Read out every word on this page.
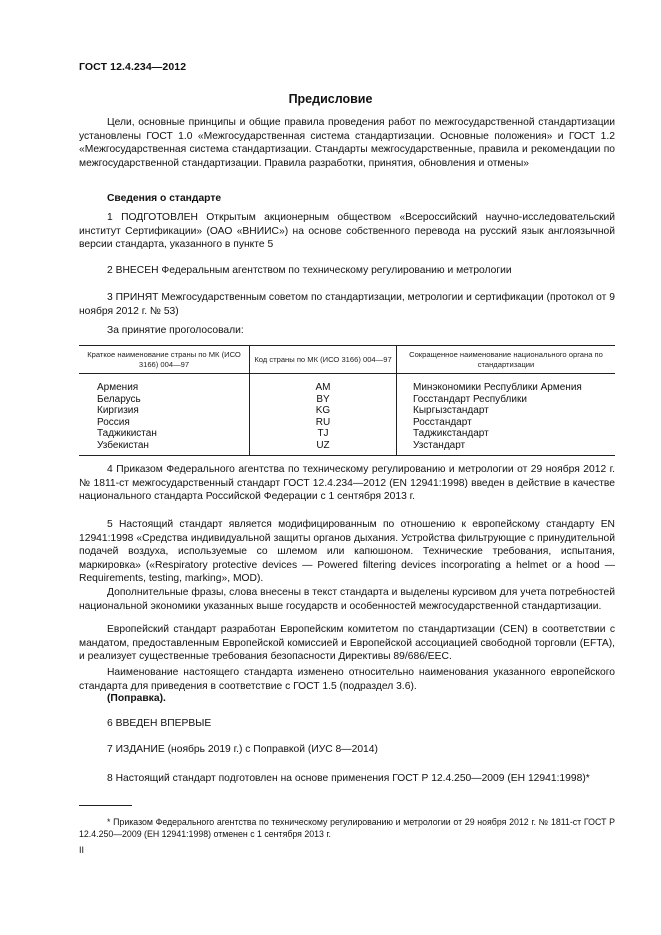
ГОСТ 12.4.234—2012
Предисловие
Цели, основные принципы и общие правила проведения работ по межгосударственной стандартизации установлены ГОСТ 1.0 «Межгосударственная система стандартизации. Основные положения» и ГОСТ 1.2 «Межгосударственная система стандартизации. Стандарты межгосударственные, правила и рекомендации по межгосударственной стандартизации. Правила разработки, принятия, обновления и отмены»
Сведения о стандарте
1 ПОДГОТОВЛЕН Открытым акционерным обществом «Всероссийский научно-исследовательский институт Сертификации» (ОАО «ВНИИС») на основе собственного перевода на русский язык англоязычной версии стандарта, указанного в пункте 5
2 ВНЕСЕН Федеральным агентством по техническому регулированию и метрологии
3 ПРИНЯТ Межгосударственным советом по стандартизации, метрологии и сертификации (протокол от 9 ноября 2012 г. № 53)
За принятие проголосовали:
Краткое наименование страны по МК (ИСО 3166) 004—97	Код страны по МК (ИСО 3166) 004—97	Сокращенное наименование национального органа по стандартизации
Армения	AM	Минэкономики Республики Армения
Беларусь	BY	Госстандарт Республики
Киргизия	KG	Кыргызстандарт
Россия	RU	Росстандарт
Таджикистан	TJ	Таджикстандарт
Узбекистан	UZ	Узстандарт
4 Приказом Федерального агентства по техническому регулированию и метрологии от 29 ноября 2012 г. № 1811-ст межгосударственный стандарт ГОСТ 12.4.234—2012 (EN 12941:1998) введен в действие в качестве национального стандарта Российской Федерации с 1 сентября 2013 г.
5 Настоящий стандарт является модифицированным по отношению к европейскому стандарту EN 12941:1998 «Средства индивидуальной защиты органов дыхания. Устройства фильтрующие с принудительной подачей воздуха, используемые со шлемом или капюшоном. Технические требования, испытания, маркировка» («Respiratory protective devices — Powered filtering devices incorporating a helmet or a hood — Requirements, testing, marking», MOD).
Дополнительные фразы, слова внесены в текст стандарта и выделены курсивом для учета потребностей национальной экономики указанных выше государств и особенностей межгосударственной стандартизации.
Европейский стандарт разработан Европейским комитетом по стандартизации (CEN) в соответствии с мандатом, предоставленным Европейской комиссией и Европейской ассоциацией свободной торговли (EFTA), и реализует существенные требования безопасности Директивы 89/686/EEC.
Наименование настоящего стандарта изменено относительно наименования указанного европейского стандарта для приведения в соответствие с ГОСТ 1.5 (подраздел 3.6).
(Поправка).
6 ВВЕДЕН ВПЕРВЫЕ
7 ИЗДАНИЕ (ноябрь 2019 г.) с Поправкой (ИУС 8—2014)
8 Настоящий стандарт подготовлен на основе применения ГОСТ Р 12.4.250—2009 (ЕН 12941:1998)*
* Приказом Федерального агентства по техническому регулированию и метрологии от 29 ноября 2012 г. № 1811-ст ГОСТ Р 12.4.250—2009 (ЕН 12941:1998) отменен с 1 сентября 2013 г.
II
